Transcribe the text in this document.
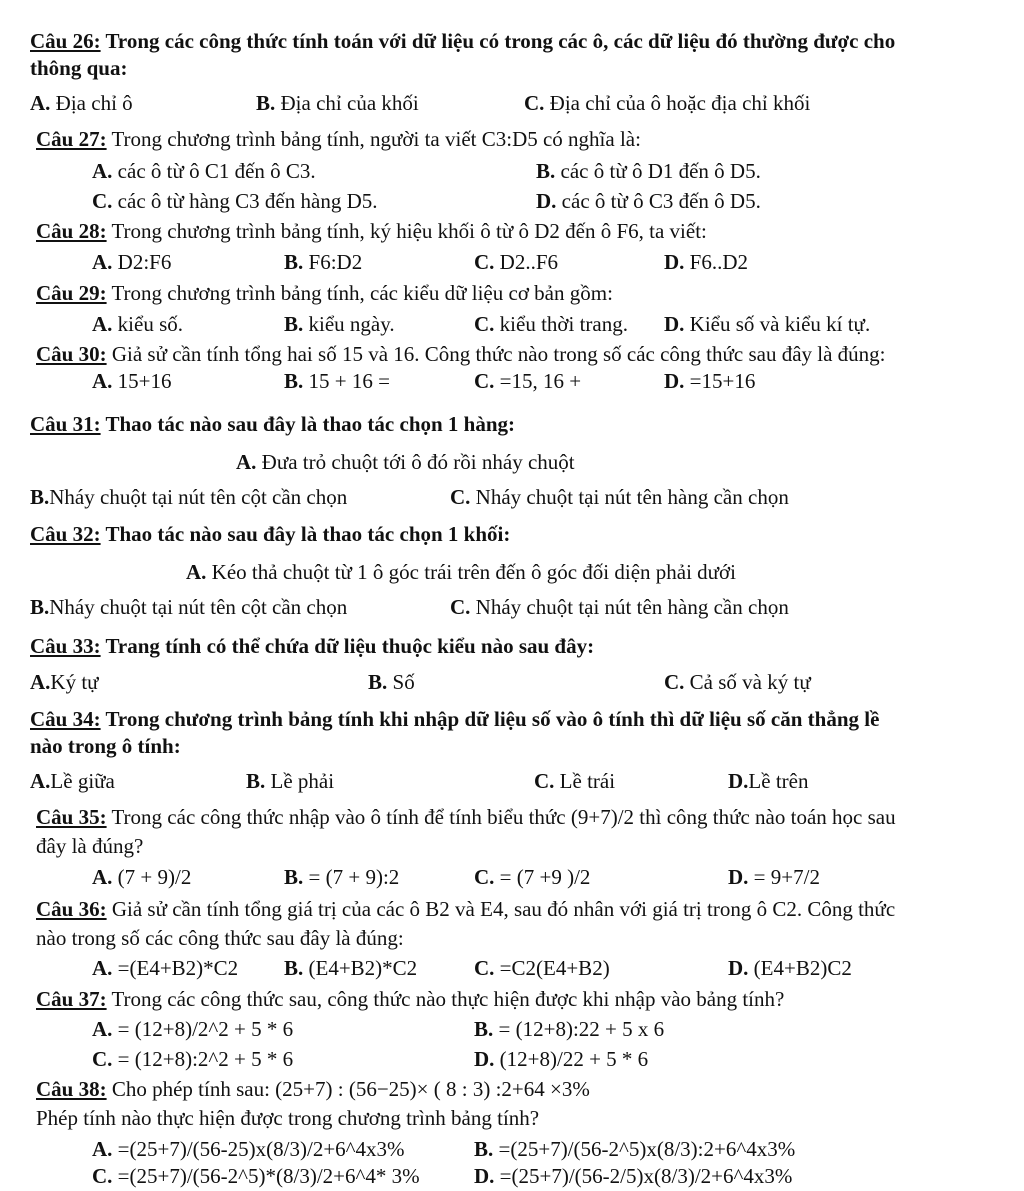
Câu 26: Trong các công thức tính toán với dữ liệu có trong các ô, các dữ liệu đó thường được cho
thông qua:
A. Địa chỉ ô	B. Địa chỉ của khối	C. Địa chỉ của ô hoặc địa chỉ khối
Câu 27: Trong chương trình bảng tính, người ta viết C3:D5 có nghĩa là:
A. các ô từ ô C1 đến ô C3.	B. các ô từ ô D1 đến ô D5.
C. các ô từ hàng C3 đến hàng D5.	D. các ô từ ô C3 đến ô D5.
Câu 28: Trong chương trình bảng tính, ký hiệu khối ô từ ô D2 đến ô F6, ta viết:
A. D2:F6	B. F6:D2	C. D2..F6	D. F6..D2
Câu 29: Trong chương trình bảng tính, các kiểu dữ liệu cơ bản gồm:
A. kiểu số.	B. kiểu ngày.	C. kiểu thời trang. D. Kiểu số và kiểu kí tự.
Câu 30: Giả sử cần tính tổng hai số 15 và 16. Công thức nào trong số các công thức sau đây là đúng:
A. 15+16	B. 15 + 16 =	C. =15, 16 +	D. =15+16
Câu 31: Thao tác nào sau đây là thao tác chọn 1 hàng:
A. Đưa trỏ chuột tới ô đó rồi nháy chuột
B.Nháy chuột tại nút tên cột cần chọn	C. Nháy chuột tại nút tên hàng cần chọn
Câu 32: Thao tác nào sau đây là thao tác chọn 1 khối:
A. Kéo thả chuột từ 1 ô góc trái trên đến ô góc đối diện phải dưới
B.Nháy chuột tại nút tên cột cần chọn	C. Nháy chuột tại nút tên hàng cần chọn
Câu 33: Trang tính có thể chứa dữ liệu thuộc kiểu nào sau đây:
A.Ký tự	B. Số	C. Cả số và ký tự
Câu 34: Trong chương trình bảng tính khi nhập dữ liệu số vào ô tính thì dữ liệu số căn thẳng lề
nào trong ô tính:
A.Lề giữa	B. Lề phải	C. Lề trái	D.Lề trên
Câu 35: Trong các công thức nhập vào ô tính để tính biểu thức (9+7)/2 thì công thức nào toán học sau
đây là đúng?
A. (7 + 9)/2	B. = (7 + 9):2	C. = (7 +9 )/2	D. = 9+7/2
Câu 36: Giả sử cần tính tổng giá trị của các ô B2 và E4, sau đó nhân với giá trị trong ô C2. Công thức
nào trong số các công thức sau đây là đúng:
A. =(E4+B2)*C2 B. (E4+B2)*C2	C. =C2(E4+B2)	D. (E4+B2)C2
Câu 37: Trong các công thức sau, công thức nào thực hiện được khi nhập vào bảng tính?
A. = (12+8)/2^2 + 5 * 6	B. = (12+8):22 + 5 x 6
C. = (12+8):2^2 + 5 * 6	D. (12+8)/22 + 5 * 6
Câu 38: Cho phép tính sau: (25+7) : (56−25)× ( 8 : 3) :2+64 ×3%
Phép tính nào thực hiện được trong chương trình bảng tính?
A. =(25+7)/(56-25)x(8/3)/2+6^4x3%	B. =(25+7)/(56-2^5)x(8/3):2+6^4x3%
C. =(25+7)/(56-2^5)*(8/3)/2+6^4* 3%	D. =(25+7)/(56-2/5)x(8/3)/2+6^4x3%
